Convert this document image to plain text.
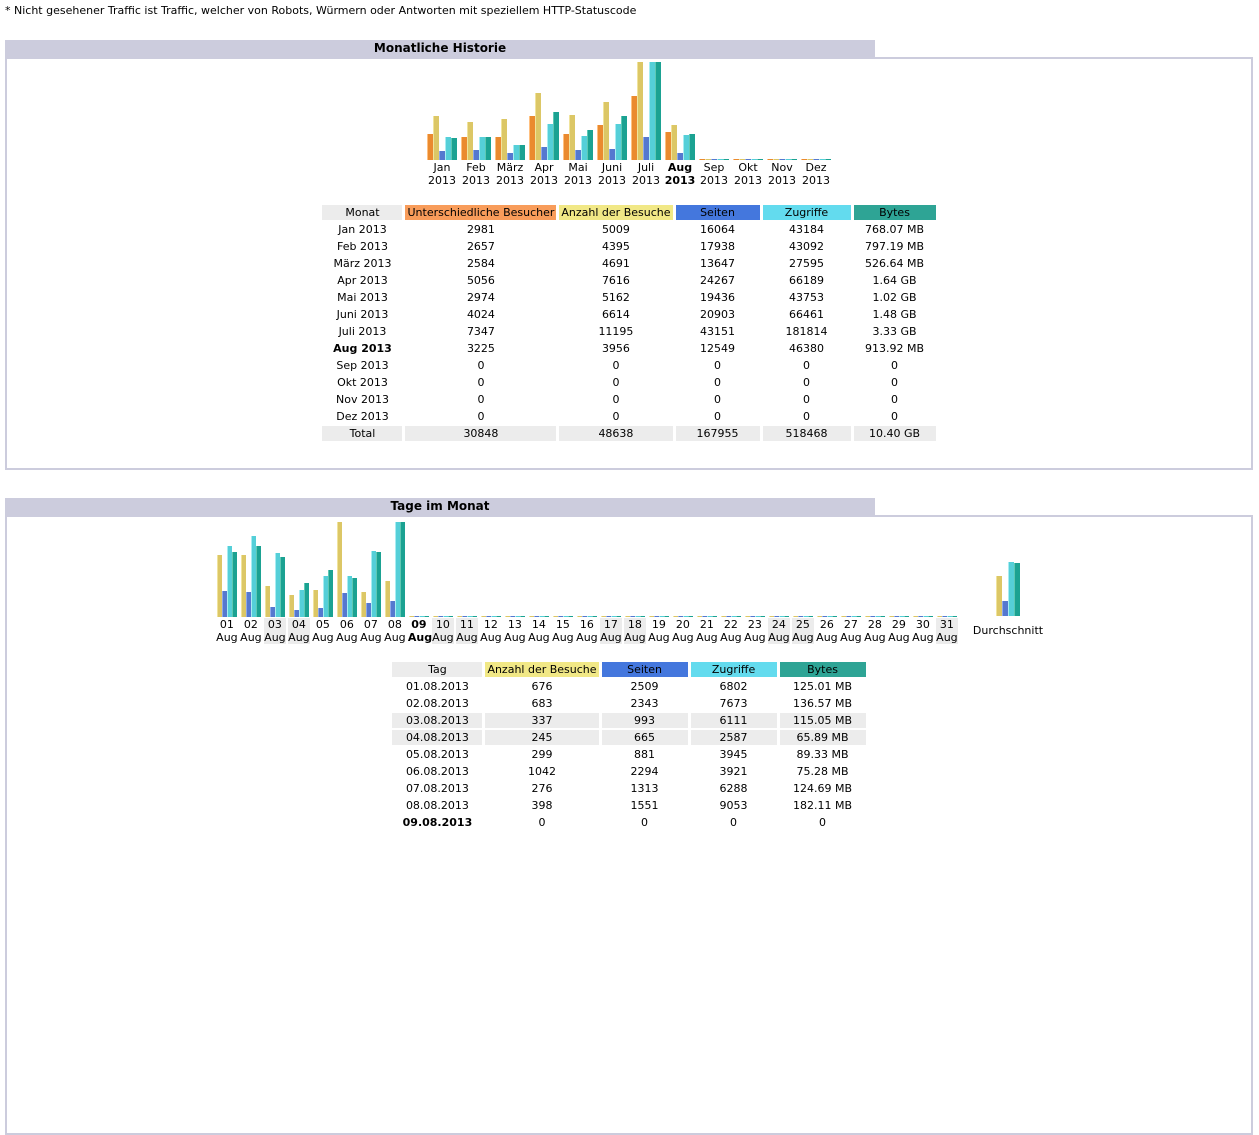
* Nicht gesehener Traffic ist Traffic, welcher von Robots, Würmern oder Antworten mit speziellem HTTP-Statuscode
Monatliche Historie
Jan
2013
Feb
2013
März
2013
Apr
2013
Mai
2013
Juni
2013
Juli
2013
Aug
2013
Sep
2013
Okt
2013
Nov
2013
Dez
2013
Monat	Unterschiedliche Besucher	Anzahl der Besuche	Seiten	Zugriffe	Bytes
Jan 2013	2981	5009	16064	43184	768.07 MB
Feb 2013	2657	4395	17938	43092	797.19 MB
März 2013	2584	4691	13647	27595	526.64 MB
Apr 2013	5056	7616	24267	66189	1.64 GB
Mai 2013	2974	5162	19436	43753	1.02 GB
Juni 2013	4024	6614	20903	66461	1.48 GB
Juli 2013	7347	11195	43151	181814	3.33 GB
Aug 2013	3225	3956	12549	46380	913.92 MB
Sep 2013	0	0	0	0	0
Okt 2013	0	0	0	0	0
Nov 2013	0	0	0	0	0
Dez 2013	0	0	0	0	0
Total	30848	48638	167955	518468	10.40 GB
Tage im Monat
01
Aug
02
Aug
03
Aug
04
Aug
05
Aug
06
Aug
07
Aug
08
Aug
09
Aug
10
Aug
11
Aug
12
Aug
13
Aug
14
Aug
15
Aug
16
Aug
17
Aug
18
Aug
19
Aug
20
Aug
21
Aug
22
Aug
23
Aug
24
Aug
25
Aug
26
Aug
27
Aug
28
Aug
29
Aug
30
Aug
31
Aug
Durchschnitt
Tag	Anzahl der Besuche	Seiten	Zugriffe	Bytes
01.08.2013	676	2509	6802	125.01 MB
02.08.2013	683	2343	7673	136.57 MB
03.08.2013	337	993	6111	115.05 MB
04.08.2013	245	665	2587	65.89 MB
05.08.2013	299	881	3945	89.33 MB
06.08.2013	1042	2294	3921	75.28 MB
07.08.2013	276	1313	6288	124.69 MB
08.08.2013	398	1551	9053	182.11 MB
09.08.2013	0	0	0	0
